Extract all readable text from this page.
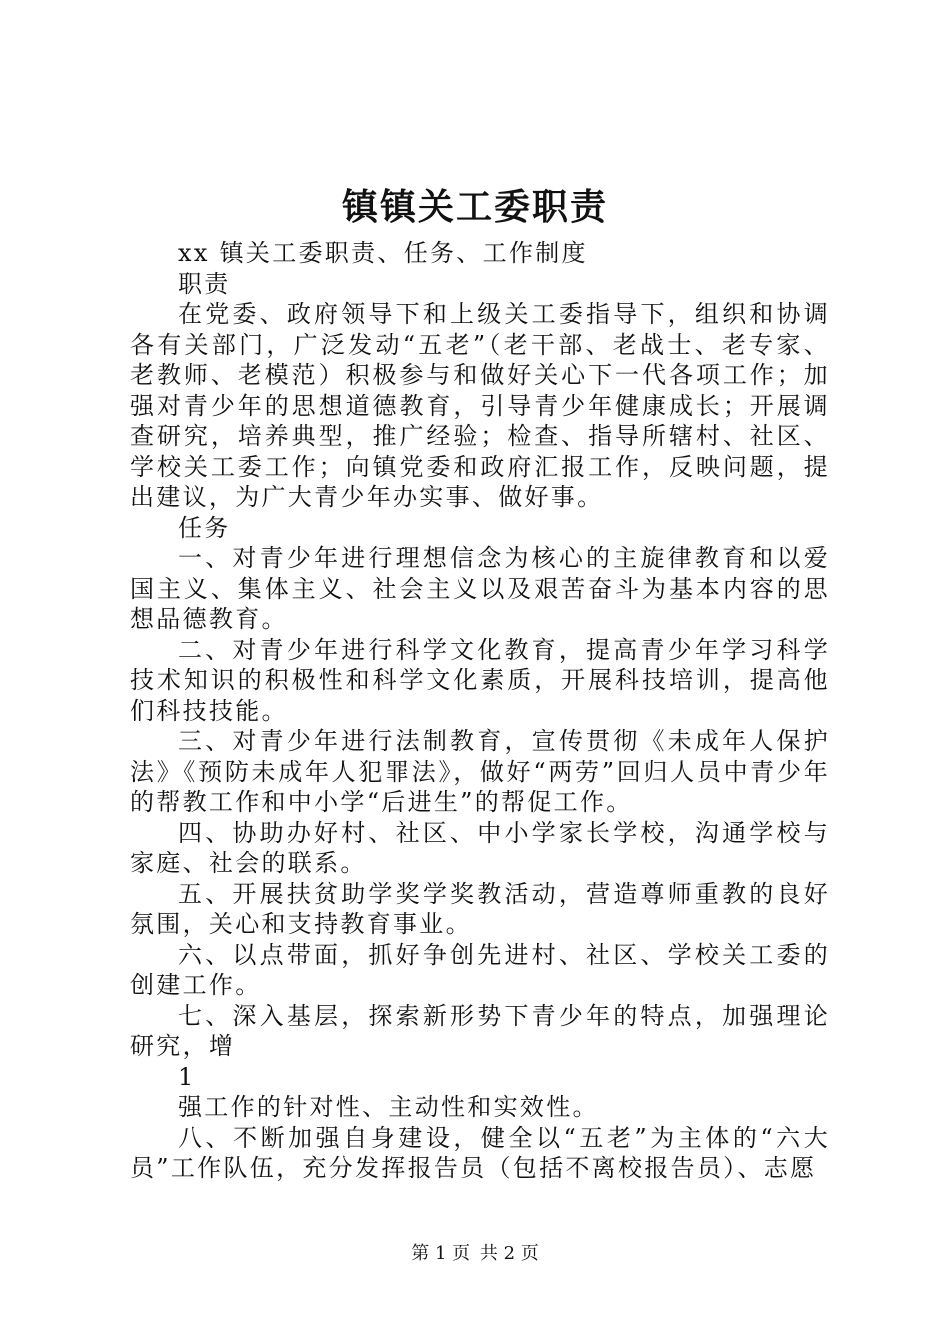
镇镇关工委职责

xx 镇关工委职责、任务、工作制度

职责

在党委、政府领导下和上级关工委指导下，组织和协调各有关部门，广泛发动“五老”（老干部、老战士、老专家、老教师、老模范）积极参与和做好关心下一代各项工作；加强对青少年的思想道德教育，引导青少年健康成长；开展调查研究，培养典型，推广经验；检查、指导所辖村、社区、学校关工委工作；向镇党委和政府汇报工作，反映问题，提出建议，为广大青少年办实事、做好事。

任务

一、对青少年进行理想信念为核心的主旋律教育和以爱国主义、集体主义、社会主义以及艰苦奋斗为基本内容的思想品德教育。

二、对青少年进行科学文化教育，提高青少年学习科学技术知识的积极性和科学文化素质，开展科技培训，提高他们科技技能。

三、对青少年进行法制教育，宣传贯彻《未成年人保护法》《预防未成年人犯罪法》，做好“两劳”回归人员中青少年的帮教工作和中小学“后进生”的帮促工作。

四、协助办好村、社区、中小学家长学校，沟通学校与家庭、社会的联系。

五、开展扶贫助学奖学奖教活动，营造尊师重教的良好氛围，关心和支持教育事业。

六、以点带面，抓好争创先进村、社区、学校关工委的创建工作。

七、深入基层，探索新形势下青少年的特点，加强理论研究，增

1

强工作的针对性、主动性和实效性。

八、不断加强自身建设，健全以“五老”为主体的“六大员”工作队伍，充分发挥报告员（包括不离校报告员）、志愿

第 1 页 共 2 页
